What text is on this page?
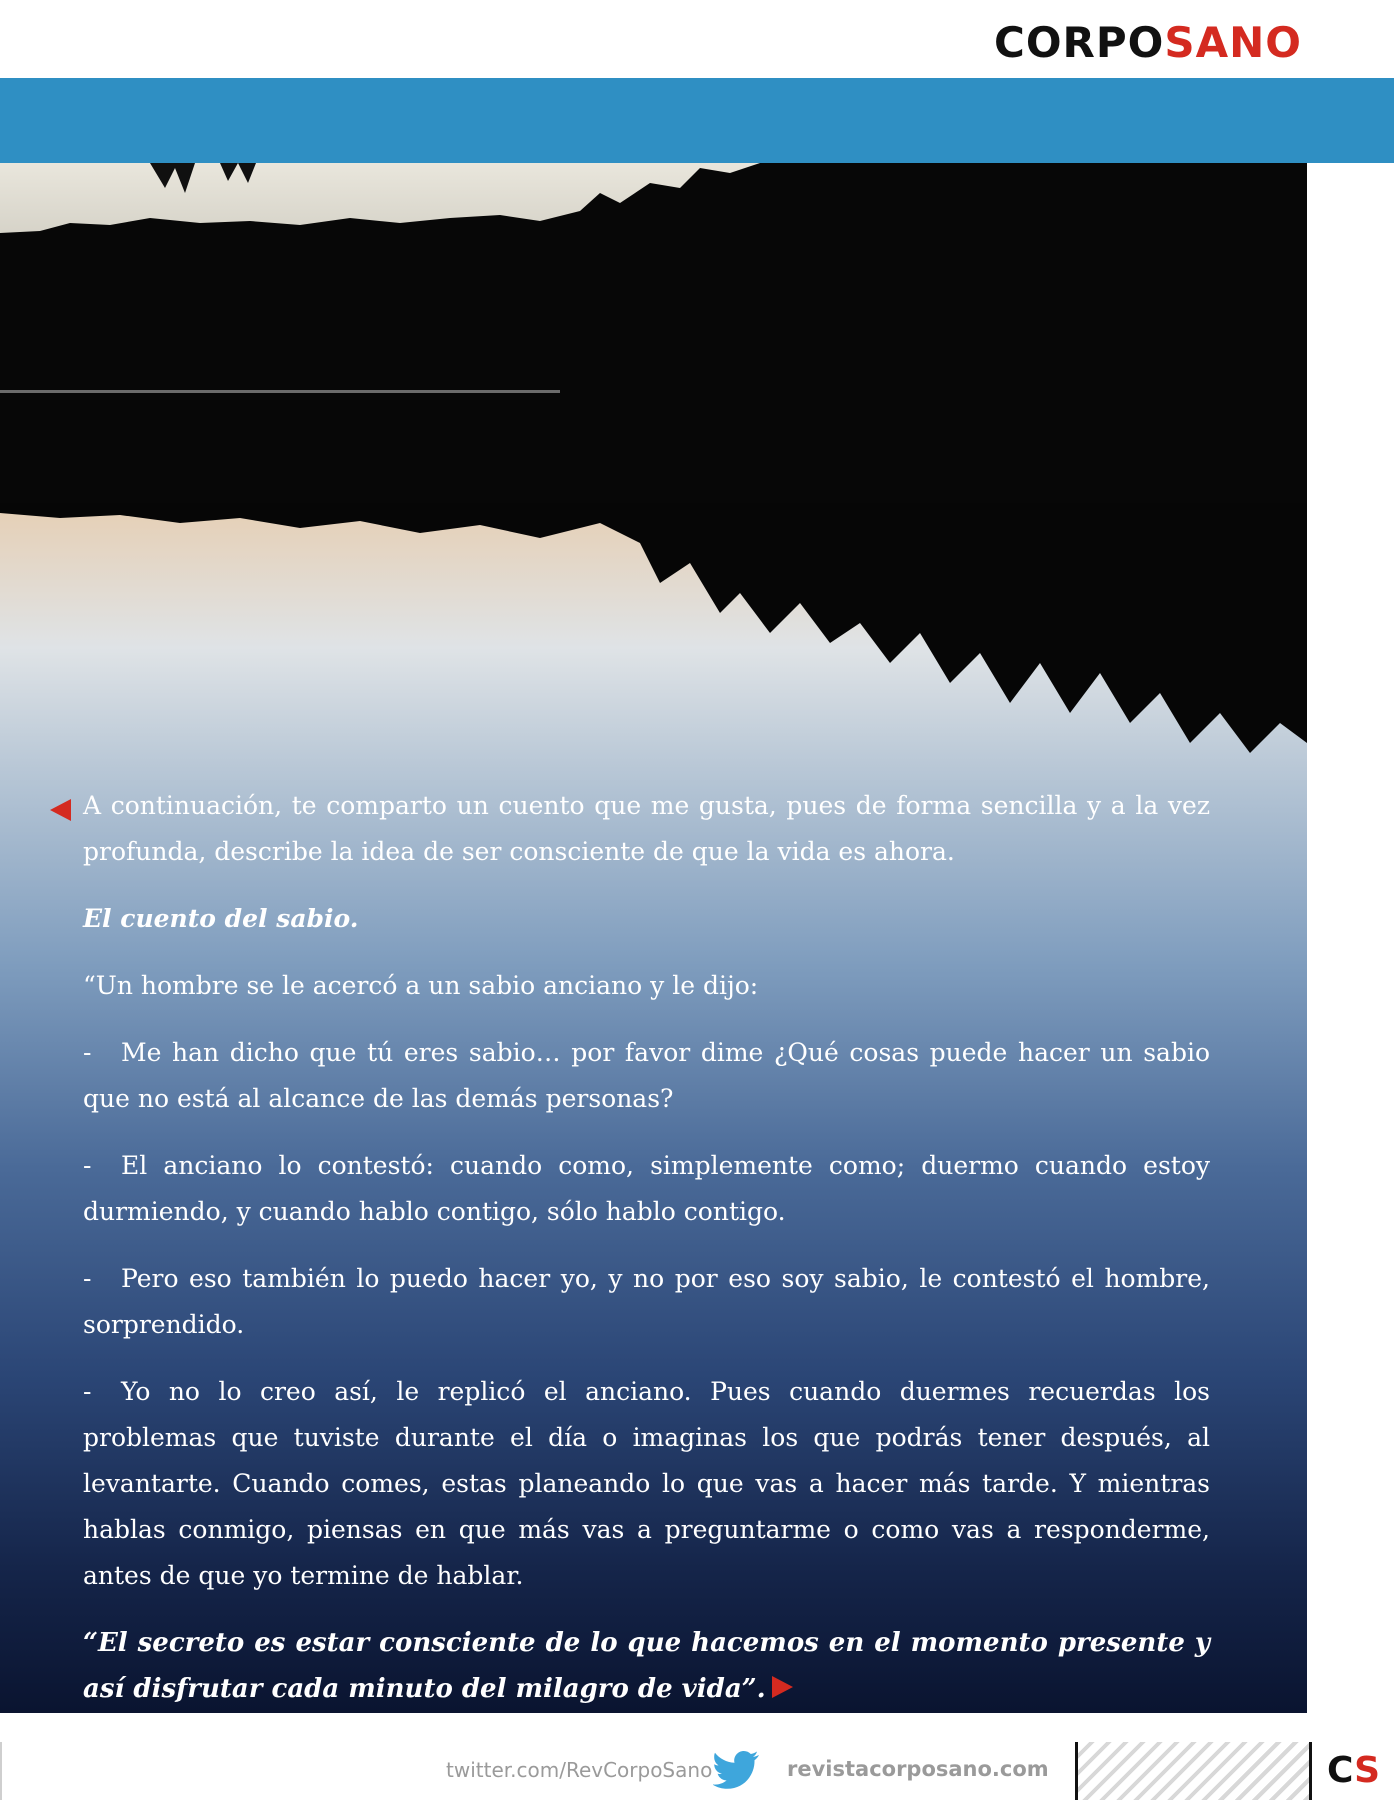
CORPOSANO

A continuación, te comparto un cuento que me gusta, pues de forma sencilla y a la vez profunda, describe la idea de ser consciente de que la vida es ahora.

El cuento del sabio.

“Un hombre se le acercó a un sabio anciano y le dijo:

- Me han dicho que tú eres sabio… por favor dime ¿Qué cosas puede hacer un sabio que no está al alcance de las demás personas?

- El anciano lo contestó: cuando como, simplemente como; duermo cuando estoy durmiendo, y cuando hablo contigo, sólo hablo contigo.

- Pero eso también lo puedo hacer yo, y no por eso soy sabio, le contestó el hombre, sorprendido.

- Yo no lo creo así, le replicó el anciano. Pues cuando duermes recuerdas los problemas que tuviste durante el día o imaginas los que podrás tener después, al levantarte. Cuando comes, estas planeando lo que vas a hacer más tarde. Y mientras hablas conmigo, piensas en que más vas a preguntarme o como vas a responderme, antes de que yo termine de hablar.

“El secreto es estar consciente de lo que hacemos en el momento presente y así disfrutar cada minuto del milagro de vida”.

twitter.com/RevCorpoSano	revistacorposano.com	CS
